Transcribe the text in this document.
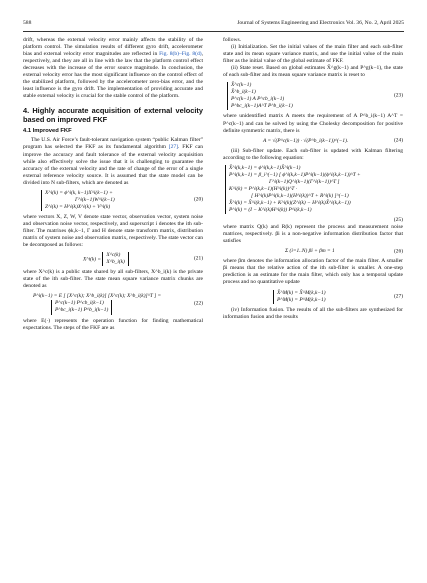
588	Journal of Systems Engineering and Electronics Vol. 36, No. 2, April 2025

drift, whereas the external velocity error mainly affects the stability of the platform control. The simulation results of different gyro drift, accelerometer bias and external velocity error magnitudes are reflected in Fig. 8(b)–Fig. 8(d), respectively, and they are all in line with the law that the platform control effect decreases with the increase of the error source magnitude. In conclusion, the external velocity error has the most significant influence on the control effect of the stabilized platform, followed by the accelerometer zero-bias error, and the least influence is the gyro drift. The implementation of providing accurate and stable external velocity is crucial for the stable control of the platform.

4. Highly accurate acquisition of external velocity based on improved FKF
4.1 Improved FKF

The U.S. Air Force’s fault-tolerant navigation system “public Kalman filter” program has selected the FKF as its fundamental algorithm [27]. FKF can improve the accuracy and fault tolerance of the external velocity acquisition while also effectively solve the issue that it is challenging to guarantee the accuracy of the external velocity and the rate of change of the error of a single external reference velocity source. It is assumed that the state model can be divided into N sub-filters, which are denoted as

X^i(k) = ϕ^i(k, k−1)X^i(k−1) +
Γ^i(k−1)W^i(k−1)
Z^i(k) = H^i(k)X^i(k) + V^i(k)
(20)

where vectors X, Z, W, V denote state vector, observation vector, system noise and observation noise vector, respectively, and superscript i denotes the ith sub-filter. The matrixes ϕk,k−1, Γ and H denote state transform matrix, distribution matrix of system noise and observation matrix, respectively. The state vector can be decomposed as follows:

X^i(k) =
X^c(k)
X^b_i(k)
(21)

where X^c(k) is a public state shared by all sub-filters, X^b_i(k) is the private state of the ith sub-filter. The state mean square variance matrix chunks are denoted as

P^i(k−1) = E [ [X^c(k); X^b_i(k)] [X^c(k); X^b_i(k)]^T ] =
P^c(k−1) P^cb_i(k−1)
P^bc_i(k−1) P^b_i(k−1)
(22)

where E(·) represents the operation function for finding mathematical expectations. The steps of the FKF are as

follows.

(i) Initialization. Set the initial values of the main filter and each sub-filter state and its mean square variance matrix, and use the initial value of the main filter as the initial value of the global estimate of FKF.

(ii) State reset. Based on global estimates X̂^g(k−1) and P^g(k−1), the state of each sub-filter and its mean square variance matrix is reset to

X̂^c(k−1)
X̂^b_i(k−1)
P^c(k−1) A P^cb_i(k−1)
P^bc_i(k−1)A^T P^b_i(k−1)
(23)

where unidentified matrix A meets the requirement of A P^b_i(k−1) A^T = P^c(k−1) and can be solved by using the Cholesky decomposition for positive definite symmetric matrix, there is

A = √(P^c(k−1)) · √(P^b_i(k−1))^(−1).	(24)

(iii) Sub-filter update. Each sub-filter is updated with Kalman filtering according to the following equation:

X̂^i(k,k−1) = ϕ^i(k,k−1)X̂^i(k−1)
P^i(k,k−1) = β_i^(−1) [ ϕ^i(k,k−1)P^i(k−1)(ϕ^i(k,k−1))^T +
Γ^i(k−1)Q^i(k−1)(Γ^i(k−1))^T ]
K^i(k) = P^i(k,k−1)(H^i(k))^T ·
[ H^i(k)P^i(k,k−1)(H^i(k))^T + R^i(k) ]^(−1)
X̂^i(k) = X̂^i(k,k−1) + K^i(k)(Z^i(k) − H^i(k)X̂^i(k,k−1))
P^i(k) = (I − K^i(k)H^i(k)) P^i(k,k−1)
(25)

where matrix Q(k) and R(k) represent the process and measurement noise matrices, respectively. βi is a non-negative information distribution factor that satisfies

Σ (i=1..N) βi + βm = 1	(26)

where βm denotes the information allocation factor of the main filter. A smaller βi means that the relative action of the ith sub-filter is smaller. A one-step prediction is an estimate for the main filter, which only has a temporal update process and no quantitative update

X̂^M(k) = X̂^M(k,k−1)
P^M(k) = P^M(k,k−1)
(27)

(iv) Information fusion. The results of all the sub-filters are synthesized for information fusion and the results
